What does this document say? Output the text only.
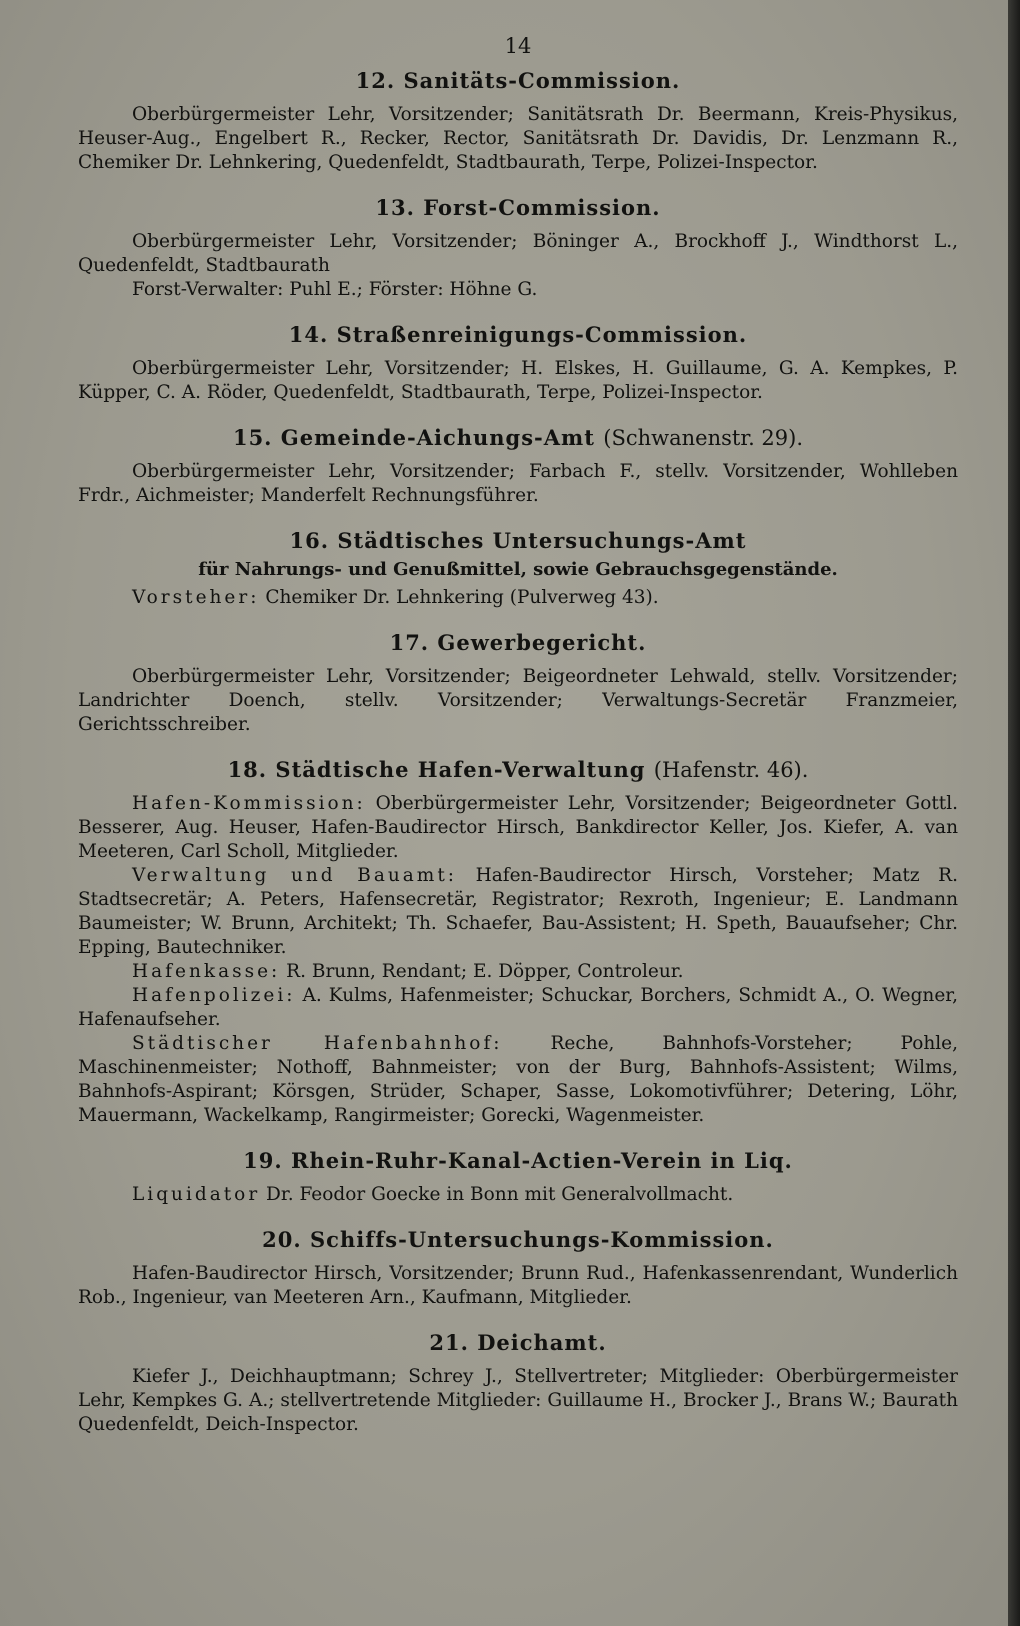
14
12. Sanitäts-Commission.

Oberbürgermeister Lehr, Vorsitzender; Sanitätsrath Dr. Beermann, Kreis-Physikus, Heuser-Aug., Engelbert R., Recker, Rector, Sanitätsrath Dr. Davidis, Dr. Lenzmann R., Chemiker Dr. Lehnkering, Quedenfeldt, Stadtbaurath, Terpe, Polizei-Inspector.

13. Forst-Commission.

Oberbürgermeister Lehr, Vorsitzender; Böninger A., Brockhoff J., Windthorst L., Quedenfeldt, Stadtbaurath

Forst-Verwalter: Puhl E.; Förster: Höhne G.

14. Straßenreinigungs-Commission.

Oberbürgermeister Lehr, Vorsitzender; H. Elskes, H. Guillaume, G. A. Kempkes, P. Küpper, C. A. Röder, Quedenfeldt, Stadtbaurath, Terpe, Polizei-Inspector.

15. Gemeinde-Aichungs-Amt (Schwanenstr. 29).

Oberbürgermeister Lehr, Vorsitzender; Farbach F., stellv. Vorsitzender, Wohlleben Frdr., Aichmeister; Manderfelt Rechnungsführer.

16. Städtisches Untersuchungs-Amt
für Nahrungs- und Genußmittel, sowie Gebrauchsgegenstände.

Vorsteher: Chemiker Dr. Lehnkering (Pulverweg 43).

17. Gewerbegericht.

Oberbürgermeister Lehr, Vorsitzender; Beigeordneter Lehwald, stellv. Vorsitzender; Landrichter Doench, stellv. Vorsitzender; Verwaltungs-Secretär Franzmeier, Gerichtsschreiber.

18. Städtische Hafen-Verwaltung (Hafenstr. 46).

Hafen-Kommission: Oberbürgermeister Lehr, Vorsitzender; Beigeordneter Gottl. Besserer, Aug. Heuser, Hafen-Baudirector Hirsch, Bankdirector Keller, Jos. Kiefer, A. van Meeteren, Carl Scholl, Mitglieder.

Verwaltung und Bauamt: Hafen-Baudirector Hirsch, Vorsteher; Matz R. Stadtsecretär; A. Peters, Hafensecretär, Registrator; Rexroth, Ingenieur; E. Landmann Baumeister; W. Brunn, Architekt; Th. Schaefer, Bau-Assistent; H. Speth, Bauaufseher; Chr. Epping, Bautechniker.

Hafenkasse: R. Brunn, Rendant; E. Döpper, Controleur.

Hafenpolizei: A. Kulms, Hafenmeister; Schuckar, Borchers, Schmidt A., O. Wegner, Hafenaufseher.

Städtischer Hafenbahnhof: Reche, Bahnhofs-Vorsteher; Pohle, Maschinenmeister; Nothoff, Bahnmeister; von der Burg, Bahnhofs-Assistent; Wilms, Bahnhofs-Aspirant; Körsgen, Strüder, Schaper, Sasse, Lokomotivführer; Detering, Löhr, Mauermann, Wackelkamp, Rangirmeister; Gorecki, Wagenmeister.

19. Rhein-Ruhr-Kanal-Actien-Verein in Liq.

Liquidator Dr. Feodor Goecke in Bonn mit Generalvollmacht.

20. Schiffs-Untersuchungs-Kommission.

Hafen-Baudirector Hirsch, Vorsitzender; Brunn Rud., Hafenkassenrendant, Wunderlich Rob., Ingenieur, van Meeteren Arn., Kaufmann, Mitglieder.

21. Deichamt.

Kiefer J., Deichhauptmann; Schrey J., Stellvertreter; Mitglieder: Oberbürgermeister Lehr, Kempkes G. A.; stellvertretende Mitglieder: Guillaume H., Brocker J., Brans W.; Baurath Quedenfeldt, Deich-Inspector.
